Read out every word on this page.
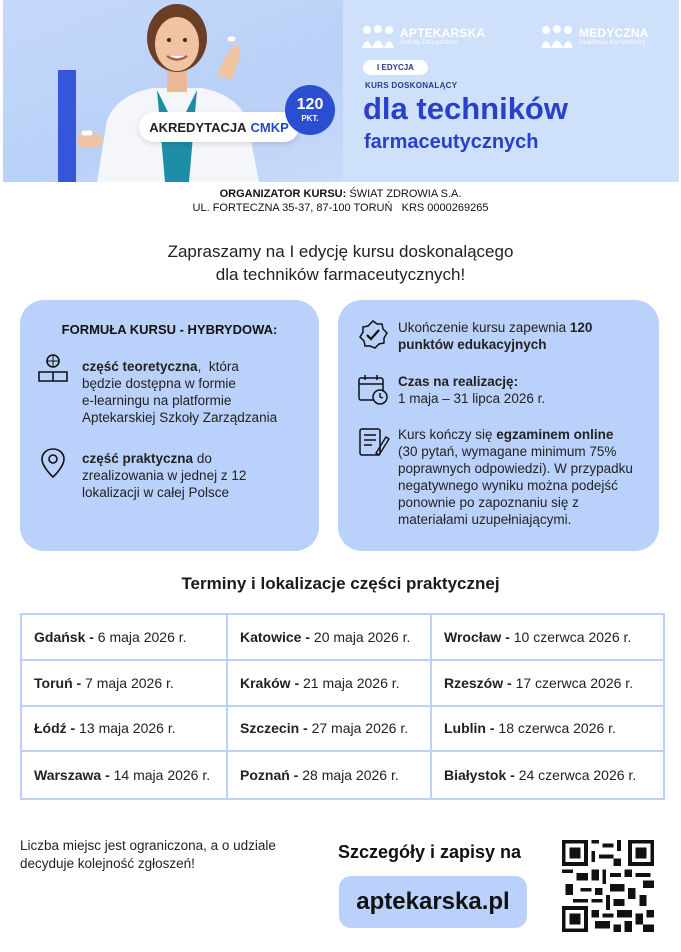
AKREDYTACJA CMKP
120
PKT.
APTEKARSKA
Szkoła Zarządzania
MEDYCZNA
Akademia Kompetencji
I EDYCJA
KURS DOSKONALĄCY
dla techników
farmaceutycznych
ORGANIZATOR KURSU: ŚWIAT ZDROWIA S.A.
UL. FORTECZNA 35-37, 87-100 TORUŃ   KRS 0000269265
Zapraszamy na I edycję kursu doskonalącego
dla techników farmaceutycznych!
FORMUŁA KURSU - HYBRYDOWA:
część teoretyczna,  która
będzie dostępna w formie
e-learningu na platformie
Aptekarskiej Szkoły Zarządzania
część praktyczna do
zrealizowania w jednej z 12
lokalizacji w całej Polsce
Ukończenie kursu zapewnia 120
punktów edukacyjnych
Czas na realizację:
1 maja – 31 lipca 2026 r.
Kurs kończy się egzaminem online
(30 pytań, wymagane minimum 75%
poprawnych odpowiedzi). W przypadku
negatywnego wyniku można podejść
ponownie po zapoznaniu się z
materiałami uzupełniającymi.
Terminy i lokalizacje części praktycznej
Gdańsk - 6 maja 2026 r.	Katowice - 20 maja 2026 r. Wrocław - 10 czerwca 2026 r.
Toruń - 7 maja 2026 r.	Kraków - 21 maja 2026 r.	Rzeszów - 17 czerwca 2026 r.
Łódź - 13 maja 2026 r.	Szczecin - 27 maja 2026 r.	Lublin - 18 czerwca 2026 r.
Warszawa - 14 maja 2026 r. Poznań - 28 maja 2026 r.	Białystok - 24 czerwca 2026 r.
Liczba miejsc jest ograniczona, a o udziale
decyduje kolejność zgłoszeń!
Szczegóły i zapisy na
aptekarska.pl
